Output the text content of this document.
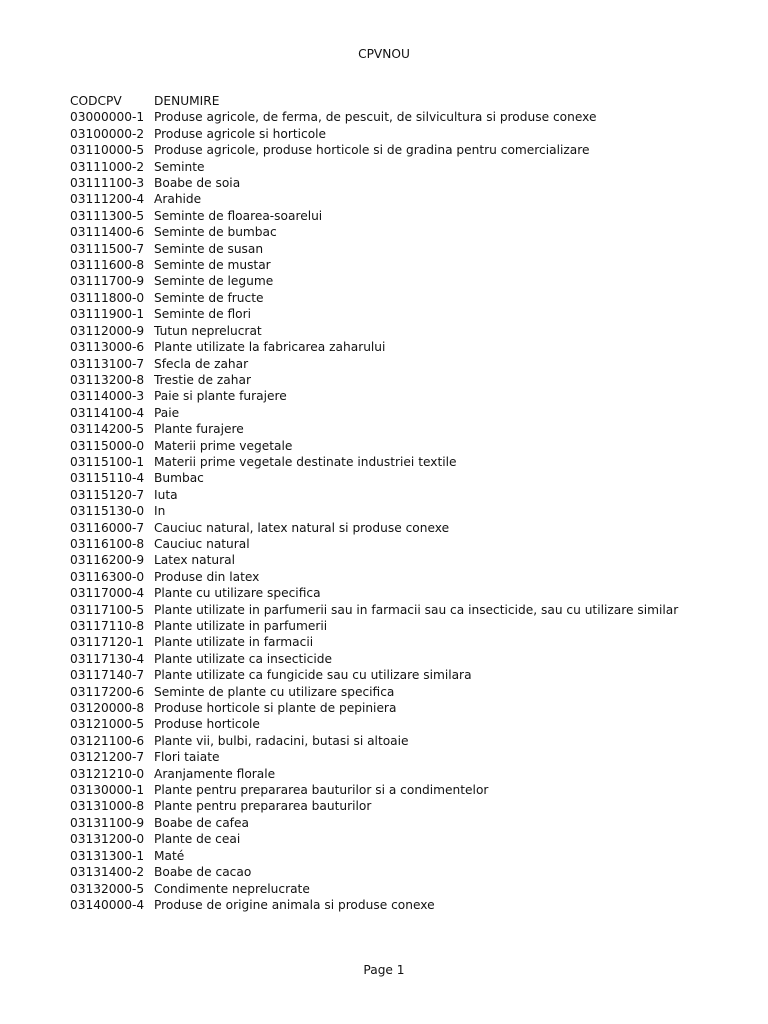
CPVNOU
CODCPV	DENUMIRE
03000000-1 Produse agricole, de ferma, de pescuit, de silvicultura si produse conexe
03100000-2 Produse agricole si horticole
03110000-5 Produse agricole, produse horticole si de gradina pentru comercializare
03111000-2 Seminte
03111100-3 Boabe de soia
03111200-4 Arahide
03111300-5 Seminte de floarea-soarelui
03111400-6 Seminte de bumbac
03111500-7 Seminte de susan
03111600-8 Seminte de mustar
03111700-9 Seminte de legume
03111800-0 Seminte de fructe
03111900-1 Seminte de flori
03112000-9 Tutun neprelucrat
03113000-6 Plante utilizate la fabricarea zaharului
03113100-7 Sfecla de zahar
03113200-8 Trestie de zahar
03114000-3 Paie si plante furajere
03114100-4 Paie
03114200-5 Plante furajere
03115000-0 Materii prime vegetale
03115100-1 Materii prime vegetale destinate industriei textile
03115110-4 Bumbac
03115120-7 Iuta
03115130-0 In
03116000-7 Cauciuc natural, latex natural si produse conexe
03116100-8 Cauciuc natural
03116200-9 Latex natural
03116300-0 Produse din latex
03117000-4 Plante cu utilizare specifica
03117100-5 Plante utilizate in parfumerii sau in farmacii sau ca insecticide, sau cu utilizare similar
03117110-8 Plante utilizate in parfumerii
03117120-1 Plante utilizate in farmacii
03117130-4 Plante utilizate ca insecticide
03117140-7 Plante utilizate ca fungicide sau cu utilizare similara
03117200-6 Seminte de plante cu utilizare specifica
03120000-8 Produse horticole si plante de pepiniera
03121000-5 Produse horticole
03121100-6 Plante vii, bulbi, radacini, butasi si altoaie
03121200-7 Flori taiate
03121210-0 Aranjamente florale
03130000-1 Plante pentru prepararea bauturilor si a condimentelor
03131000-8 Plante pentru prepararea bauturilor
03131100-9 Boabe de cafea
03131200-0 Plante de ceai
03131300-1 Maté
03131400-2 Boabe de cacao
03132000-5 Condimente neprelucrate
03140000-4 Produse de origine animala si produse conexe
Page 1
